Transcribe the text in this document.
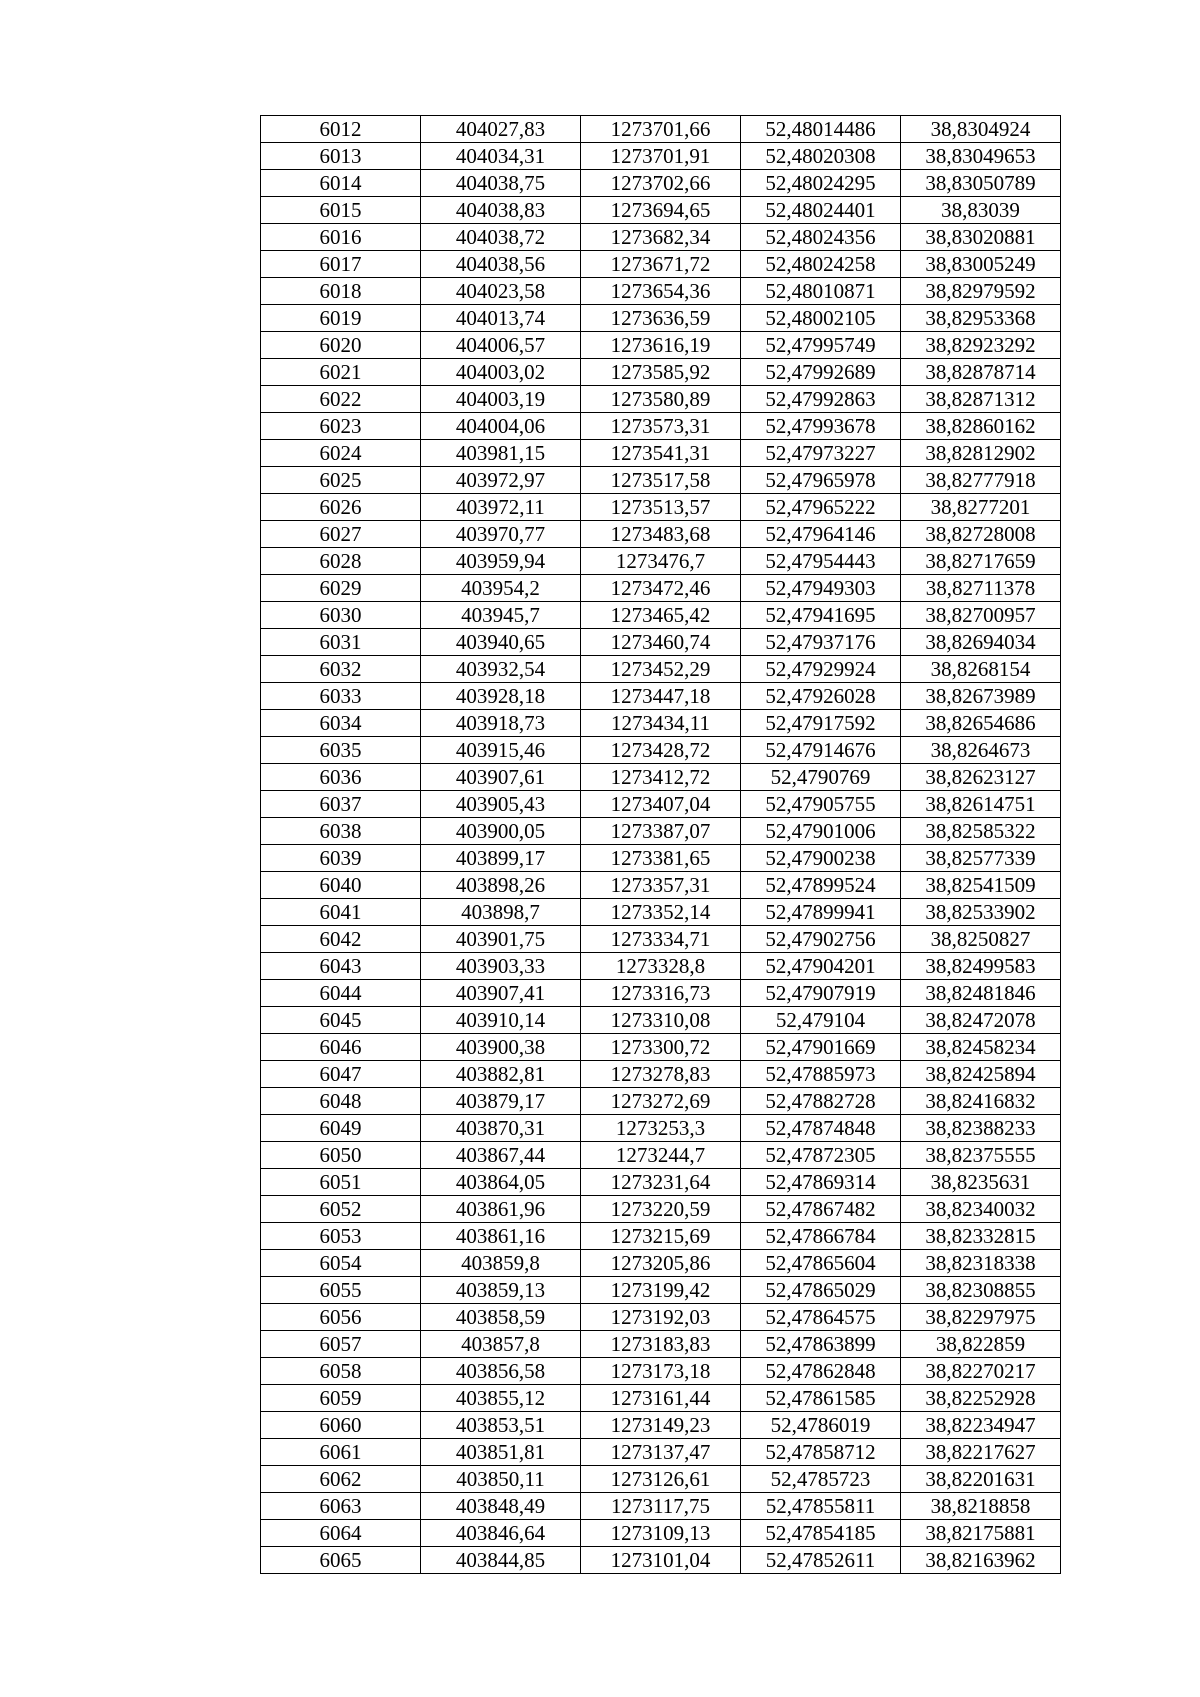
6012	404027,83	1273701,66	52,48014486	38,8304924
6013	404034,31	1273701,91	52,48020308	38,83049653
6014	404038,75	1273702,66	52,48024295	38,83050789
6015	404038,83	1273694,65	52,48024401	38,83039
6016	404038,72	1273682,34	52,48024356	38,83020881
6017	404038,56	1273671,72	52,48024258	38,83005249
6018	404023,58	1273654,36	52,48010871	38,82979592
6019	404013,74	1273636,59	52,48002105	38,82953368
6020	404006,57	1273616,19	52,47995749	38,82923292
6021	404003,02	1273585,92	52,47992689	38,82878714
6022	404003,19	1273580,89	52,47992863	38,82871312
6023	404004,06	1273573,31	52,47993678	38,82860162
6024	403981,15	1273541,31	52,47973227	38,82812902
6025	403972,97	1273517,58	52,47965978	38,82777918
6026	403972,11	1273513,57	52,47965222	38,8277201
6027	403970,77	1273483,68	52,47964146	38,82728008
6028	403959,94	1273476,7	52,47954443	38,82717659
6029	403954,2	1273472,46	52,47949303	38,82711378
6030	403945,7	1273465,42	52,47941695	38,82700957
6031	403940,65	1273460,74	52,47937176	38,82694034
6032	403932,54	1273452,29	52,47929924	38,8268154
6033	403928,18	1273447,18	52,47926028	38,82673989
6034	403918,73	1273434,11	52,47917592	38,82654686
6035	403915,46	1273428,72	52,47914676	38,8264673
6036	403907,61	1273412,72	52,4790769	38,82623127
6037	403905,43	1273407,04	52,47905755	38,82614751
6038	403900,05	1273387,07	52,47901006	38,82585322
6039	403899,17	1273381,65	52,47900238	38,82577339
6040	403898,26	1273357,31	52,47899524	38,82541509
6041	403898,7	1273352,14	52,47899941	38,82533902
6042	403901,75	1273334,71	52,47902756	38,8250827
6043	403903,33	1273328,8	52,47904201	38,82499583
6044	403907,41	1273316,73	52,47907919	38,82481846
6045	403910,14	1273310,08	52,479104	38,82472078
6046	403900,38	1273300,72	52,47901669	38,82458234
6047	403882,81	1273278,83	52,47885973	38,82425894
6048	403879,17	1273272,69	52,47882728	38,82416832
6049	403870,31	1273253,3	52,47874848	38,82388233
6050	403867,44	1273244,7	52,47872305	38,82375555
6051	403864,05	1273231,64	52,47869314	38,8235631
6052	403861,96	1273220,59	52,47867482	38,82340032
6053	403861,16	1273215,69	52,47866784	38,82332815
6054	403859,8	1273205,86	52,47865604	38,82318338
6055	403859,13	1273199,42	52,47865029	38,82308855
6056	403858,59	1273192,03	52,47864575	38,82297975
6057	403857,8	1273183,83	52,47863899	38,822859
6058	403856,58	1273173,18	52,47862848	38,82270217
6059	403855,12	1273161,44	52,47861585	38,82252928
6060	403853,51	1273149,23	52,4786019	38,82234947
6061	403851,81	1273137,47	52,47858712	38,82217627
6062	403850,11	1273126,61	52,4785723	38,82201631
6063	403848,49	1273117,75	52,47855811	38,8218858
6064	403846,64	1273109,13	52,47854185	38,82175881
6065	403844,85	1273101,04	52,47852611	38,82163962
